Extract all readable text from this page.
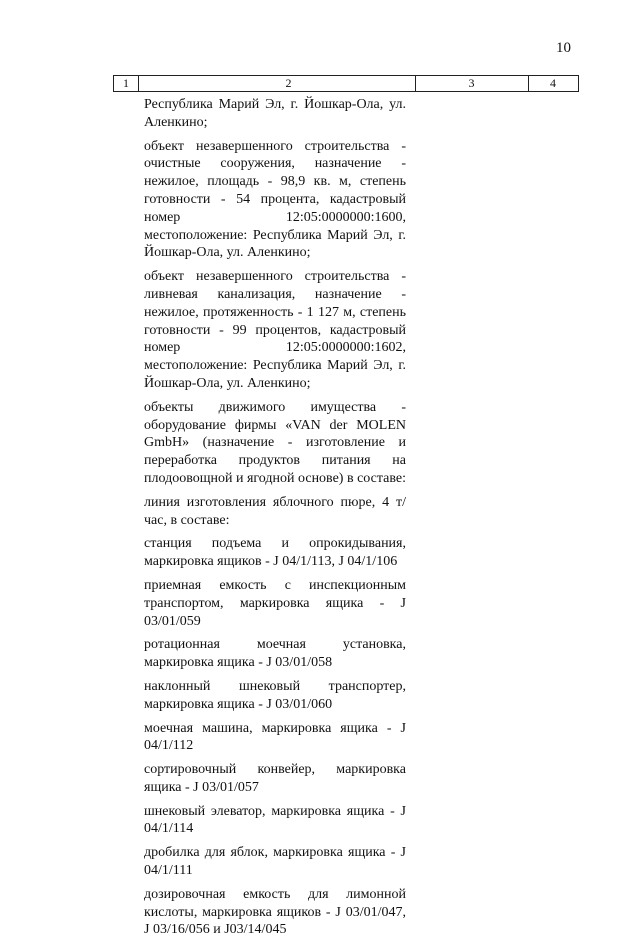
10
1	2	3	4

Республика Марий Эл, г. Йошкар-Ола, ул. Аленкино;

объект незавершенного строительства - очистные сооружения, назначение - нежилое, площадь - 98,9 кв. м, степень готовности - 54 процента, кадастровый номер 12:05:0000000:1600, местоположение: Республика Марий Эл, г. Йошкар-Ола, ул. Аленкино;

объект незавершенного строительства - ливневая канализация, назначение - нежилое, протяженность - 1 127 м, степень готовности - 99 процентов, кадастровый номер 12:05:0000000:1602, местоположение: Республика Марий Эл, г. Йошкар-Ола, ул. Аленкино;

объекты движимого имущества - оборудование фирмы «VAN der MOLEN GmbH» (назначение - изготовление и переработка продуктов питания на плодоовощной и ягодной основе) в составе:

линия изготовления яблочного пюре, 4 т/час, в составе:

станция подъема и опрокидывания, маркировка ящиков - J 04/1/113, J 04/1/106

приемная емкость с инспекционным транспортом, маркировка ящика - J 03/01/059

ротационная моечная установка, маркировка ящика - J 03/01/058

наклонный шнековый транспортер, маркировка ящика - J 03/01/060

моечная машина, маркировка ящика - J 04/1/112

сортировочный конвейер, маркировка ящика - J 03/01/057

шнековый элеватор, маркировка ящика - J 04/1/114

дробилка для яблок, маркировка ящика - J 04/1/111

дозировочная емкость для лимонной кислоты, маркировка ящиков - J 03/01/047, J 03/16/056 и J03/14/045
